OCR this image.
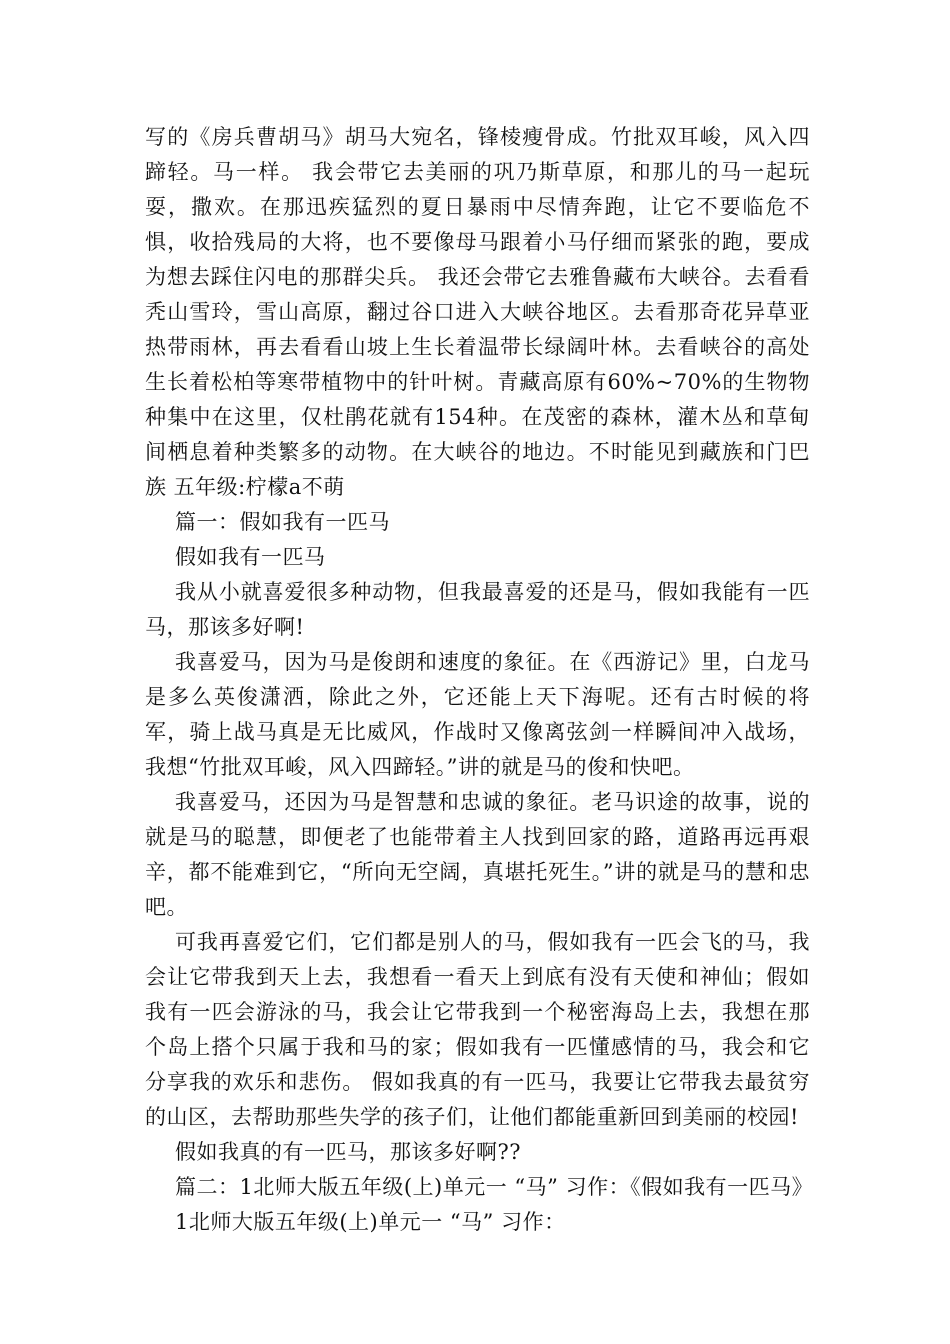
写的《房兵曹胡马》胡马大宛名，锋棱瘦骨成。竹批双耳峻，风入四蹄轻。马一样。 我会带它去美丽的巩乃斯草原，和那儿的马一起玩耍，撒欢。在那迅疾猛烈的夏日暴雨中尽情奔跑，让它不要临危不惧，收拾残局的大将，也不要像母马跟着小马仔细而紧张的跑，要成为想去踩住闪电的那群尖兵。 我还会带它去雅鲁藏布大峡谷。去看看秃山雪玲，雪山高原，翻过谷口进入大峡谷地区。去看那奇花异草亚热带雨林，再去看看山坡上生长着温带长绿阔叶林。去看峡谷的高处生长着松柏等寒带植物中的针叶树。青藏高原有60%~70%的生物物种集中在这里，仅杜鹃花就有154种。在茂密的森林，灌木丛和草甸间栖息着种类繁多的动物。在大峡谷的地边。不时能见到藏族和门巴族 五年级:柠檬a不萌

篇一：假如我有一匹马

假如我有一匹马

我从小就喜爱很多种动物，但我最喜爱的还是马，假如我能有一匹马，那该多好啊!

我喜爱马，因为马是俊朗和速度的象征。在《西游记》里，白龙马是多么英俊潇洒，除此之外，它还能上天下海呢。还有古时候的将军，骑上战马真是无比威风，作战时又像离弦剑一样瞬间冲入战场，我想“竹批双耳峻，风入四蹄轻。”讲的就是马的俊和快吧。

我喜爱马，还因为马是智慧和忠诚的象征。老马识途的故事，说的就是马的聪慧，即便老了也能带着主人找到回家的路，道路再远再艰辛，都不能难到它，“所向无空阔，真堪托死生。”讲的就是马的慧和忠吧。

可我再喜爱它们，它们都是别人的马，假如我有一匹会飞的马，我会让它带我到天上去，我想看一看天上到底有没有天使和神仙；假如我有一匹会游泳的马，我会让它带我到一个秘密海岛上去，我想在那个岛上搭个只属于我和马的家；假如我有一匹懂感情的马，我会和它分享我的欢乐和悲伤。 假如我真的有一匹马，我要让它带我去最贫穷的山区，去帮助那些失学的孩子们，让他们都能重新回到美丽的校园!

假如我真的有一匹马，那该多好啊??

篇二：1北师大版五年级(上)单元一 “马” 习作：《假如我有一匹马》

1北师大版五年级(上)单元一 “马” 习作：
